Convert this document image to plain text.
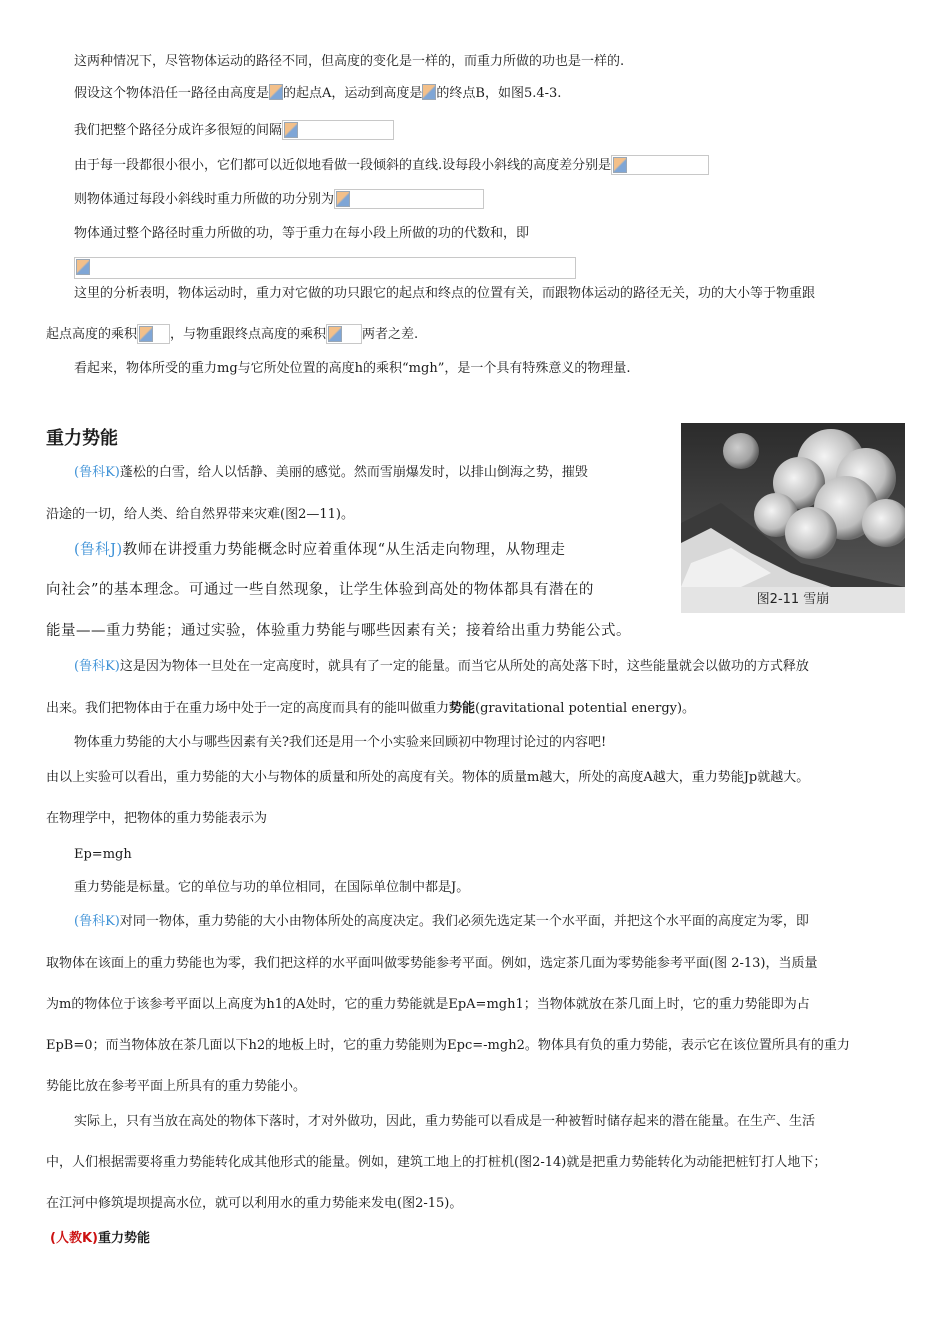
这两种情况下，尽管物体运动的路径不同，但高度的变化是一样的，而重力所做的功也是一样的.
假设这个物体沿任一路径由高度是 的起点A，运动到高度是 的终点B，如图5.4-3.
我们把整个路径分成许多很短的间隔
由于每一段都很小很小，它们都可以近似地看做一段倾斜的直线.设每段小斜线的高度差分别是
则物体通过每段小斜线时重力所做的功分别为
物体通过整个路径时重力所做的功，等于重力在每小段上所做的功的代数和，即
这里的分析表明，物体运动时，重力对它做的功只跟它的起点和终点的位置有关，而跟物体运动的路径无关，功的大小等于物重跟
起点高度的乘积	，与物重跟终点高度的乘积	两者之差.
看起来，物体所受的重力mg与它所处位置的高度h的乘积“mgh”，是一个具有特殊意义的物理量.
重力势能
图2-11 雪崩
(鲁科K)蓬松的白雪，给人以恬静、美丽的感觉。然而雪崩爆发时，以排山倒海之势，摧毁
沿途的一切，给人类、给自然界带来灾难(图2—11)。
(鲁科J)教师在讲授重力势能概念时应着重体现“从生活走向物理，从物理走
向社会”的基本理念。可通过一些自然现象，让学生体验到高处的物体都具有潜在的
能量——重力势能；通过实验，体验重力势能与哪些因素有关；接着给出重力势能公式。
(鲁科K)这是因为物体一旦处在一定高度时，就具有了一定的能量。而当它从所处的高处落下时，这些能量就会以做功的方式释放
出来。我们把物体由于在重力场中处于一定的高度而具有的能叫做重力势能(gravitational potential energy)。
物体重力势能的大小与哪些因素有关?我们还是用一个小实验来回顾初中物理讨论过的内容吧!
由以上实验可以看出，重力势能的大小与物体的质量和所处的高度有关。物体的质量m越大，所处的高度A越大，重力势能Jp就越大。
在物理学中，把物体的重力势能表示为
Ep=mgh
重力势能是标量。它的单位与功的单位相同，在国际单位制中都是J。
(鲁科K)对同一物体，重力势能的大小由物体所处的高度决定。我们必须先选定某一个水平面，并把这个水平面的高度定为零，即
取物体在该面上的重力势能也为零，我们把这样的水平面叫做零势能参考平面。例如，选定茶几面为零势能参考平面(图 2-13)，当质量
为m的物体位于该参考平面以上高度为h1的A处时，它的重力势能就是EpA=mgh1；当物体就放在茶几面上时，它的重力势能即为占
EpB=0；而当物体放在茶几面以下h2的地板上时，它的重力势能则为Epc=-mgh2。物体具有负的重力势能，表示它在该位置所具有的重力
势能比放在参考平面上所具有的重力势能小。
实际上，只有当放在高处的物体下落时，才对外做功，因此，重力势能可以看成是一种被暂时储存起来的潜在能量。在生产、生活
中，人们根据需要将重力势能转化成其他形式的能量。例如，建筑工地上的打桩机(图2-14)就是把重力势能转化为动能把桩钉打人地下；
在江河中修筑堤坝提高水位，就可以利用水的重力势能来发电(图2-15)。
(人教K)重力势能
